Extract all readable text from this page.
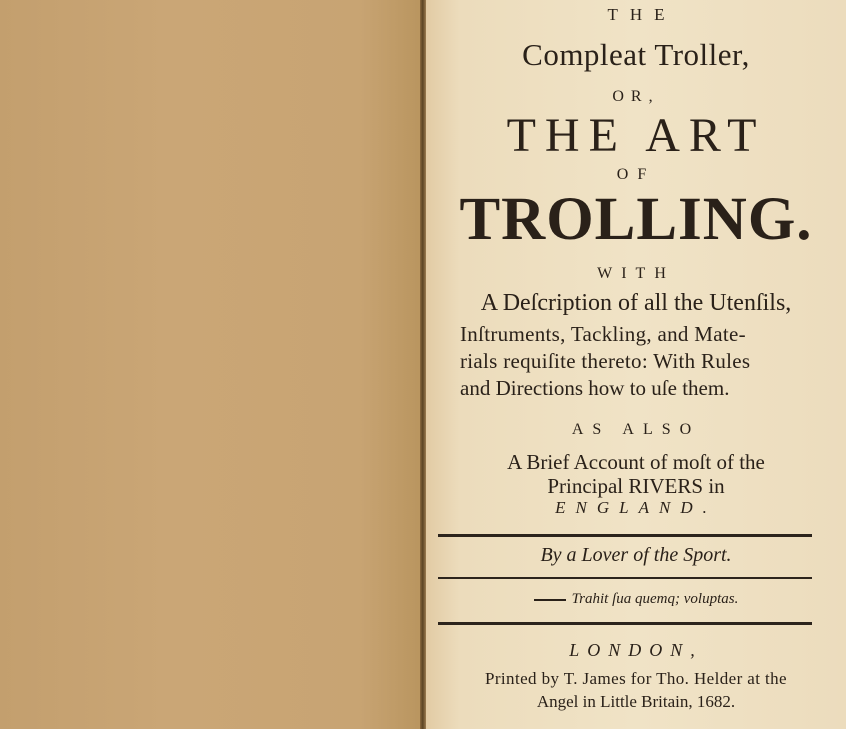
THE
Compleat Troller,
OR,
THE ART
OF
TROLLING.
WITH
A Deſcription of all the Utenſils,
Inſtruments, Tackling, and Mate-
rials requiſite thereto: With Rules
and Directions how to uſe them.
AS ALSO
A Brief Account of moſt of the
Principal RIVERS in
ENGLAND.
By a Lover of the Sport.
Trahit ſua quemq; voluptas.
LONDON,
Printed by T. James for Tho. Helder at the
Angel in Little Britain, 1682.
